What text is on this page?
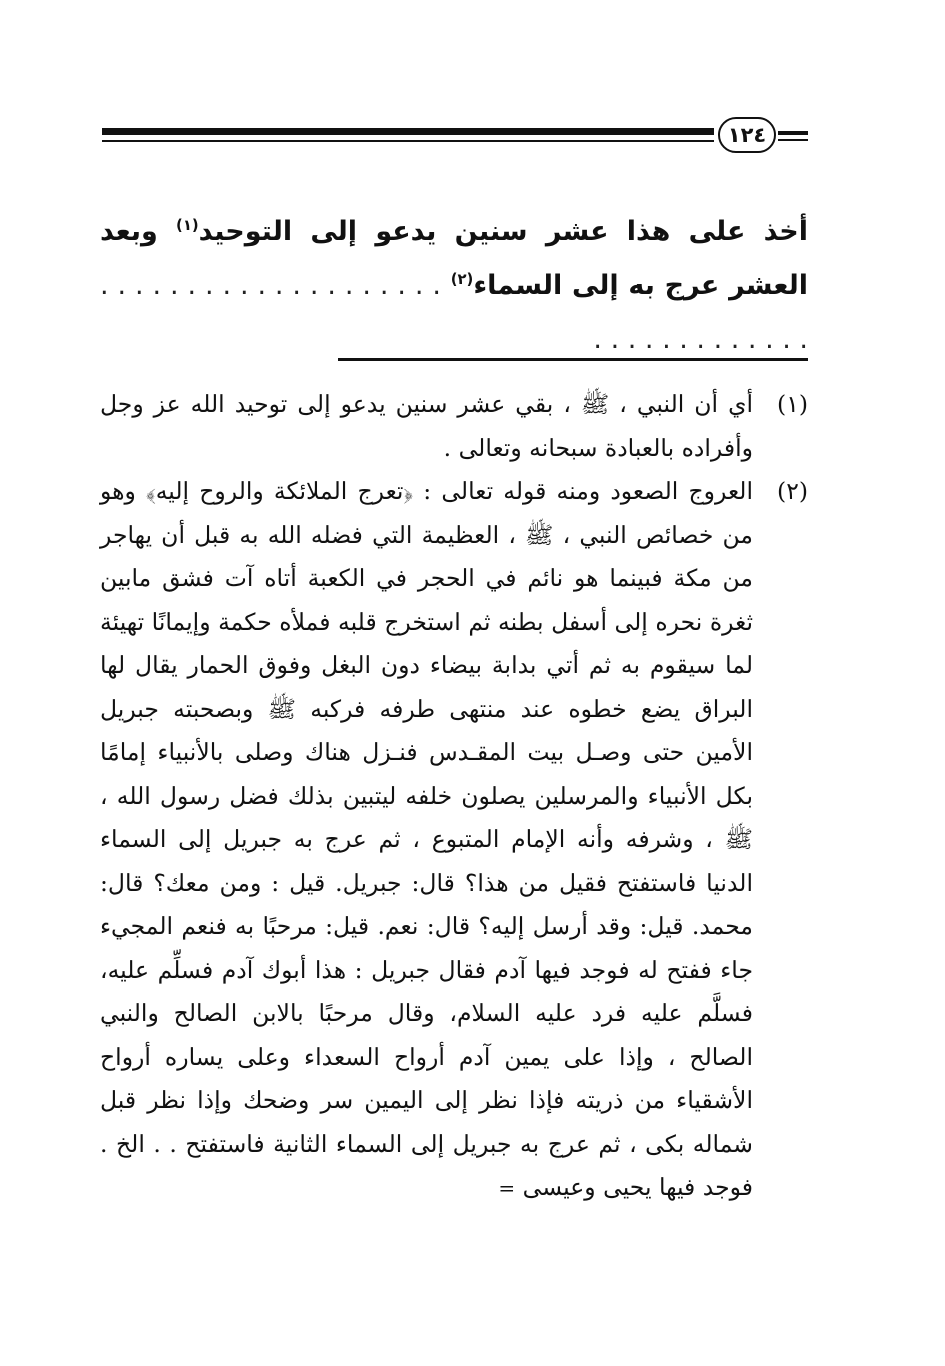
١٢٤
أخذ على هذا عشر سنين يدعو إلى التوحيد$^{(١)}$ وبعد العشر عرج به إلى السماء$^{(٢)}$ . . . . . . . . . . . . . . . . . . . . . . . . . . . . . . . . .
(١)
أي أن النبي ، ﷺ ، بقي عشر سنين يدعو إلى توحيد الله عز وجل وأفراده بالعبادة سبحانه وتعالى .
(٢)
العروج الصعود ومنه قوله تعالى : ﴿تعرج الملائكة والروح إليه﴾ وهو من خصائص النبي ، ﷺ ، العظيمة التي فضله الله به قبل أن يهاجر من مكة فبينما هو نائم في الحجر في الكعبة أتاه آت فشق مابين ثغرة نحره إلى أسفل بطنه ثم استخرج قلبه فملأه حكمة وإيمانًا تهيئة لما سيقوم به ثم أتي بدابة بيضاء دون البغل وفوق الحمار يقال لها البراق يضع خطوه عند منتهى طرفه فركبه ﷺ وبصحبته جبريل الأمين حتى وصـل بيت المقـدس فنـزل هناك وصلى بالأنبياء إمامًا بكل الأنبياء والمرسلين يصلون خلفه ليتبين بذلك فضل رسول الله ، ﷺ ، وشرفه وأنه الإمام المتبوع ، ثم عرج به جبريل إلى السماء الدنيا فاستفتح فقيل من هذا؟ قال: جبريل. قيل : ومن معك؟ قال: محمد. قيل: وقد أرسل إليه؟ قال: نعم. قيل: مرحبًا به فنعم المجيء جاء ففتح له فوجد فيها آدم فقال جبريل : هذا أبوك آدم فسلِّم عليه، فسلَّم عليه فرد عليه السلام، وقال مرحبًا بالابن الصالح والنبي الصالح ، وإذا على يمين آدم أرواح السعداء وعلى يساره أرواح الأشقياء من ذريته فإذا نظر إلى اليمين سر وضحك وإذا نظر قبل شماله بكى ، ثم عرج به جبريل إلى السماء الثانية فاستفتح . . الخ . فوجد فيها يحيى وعيسى =
